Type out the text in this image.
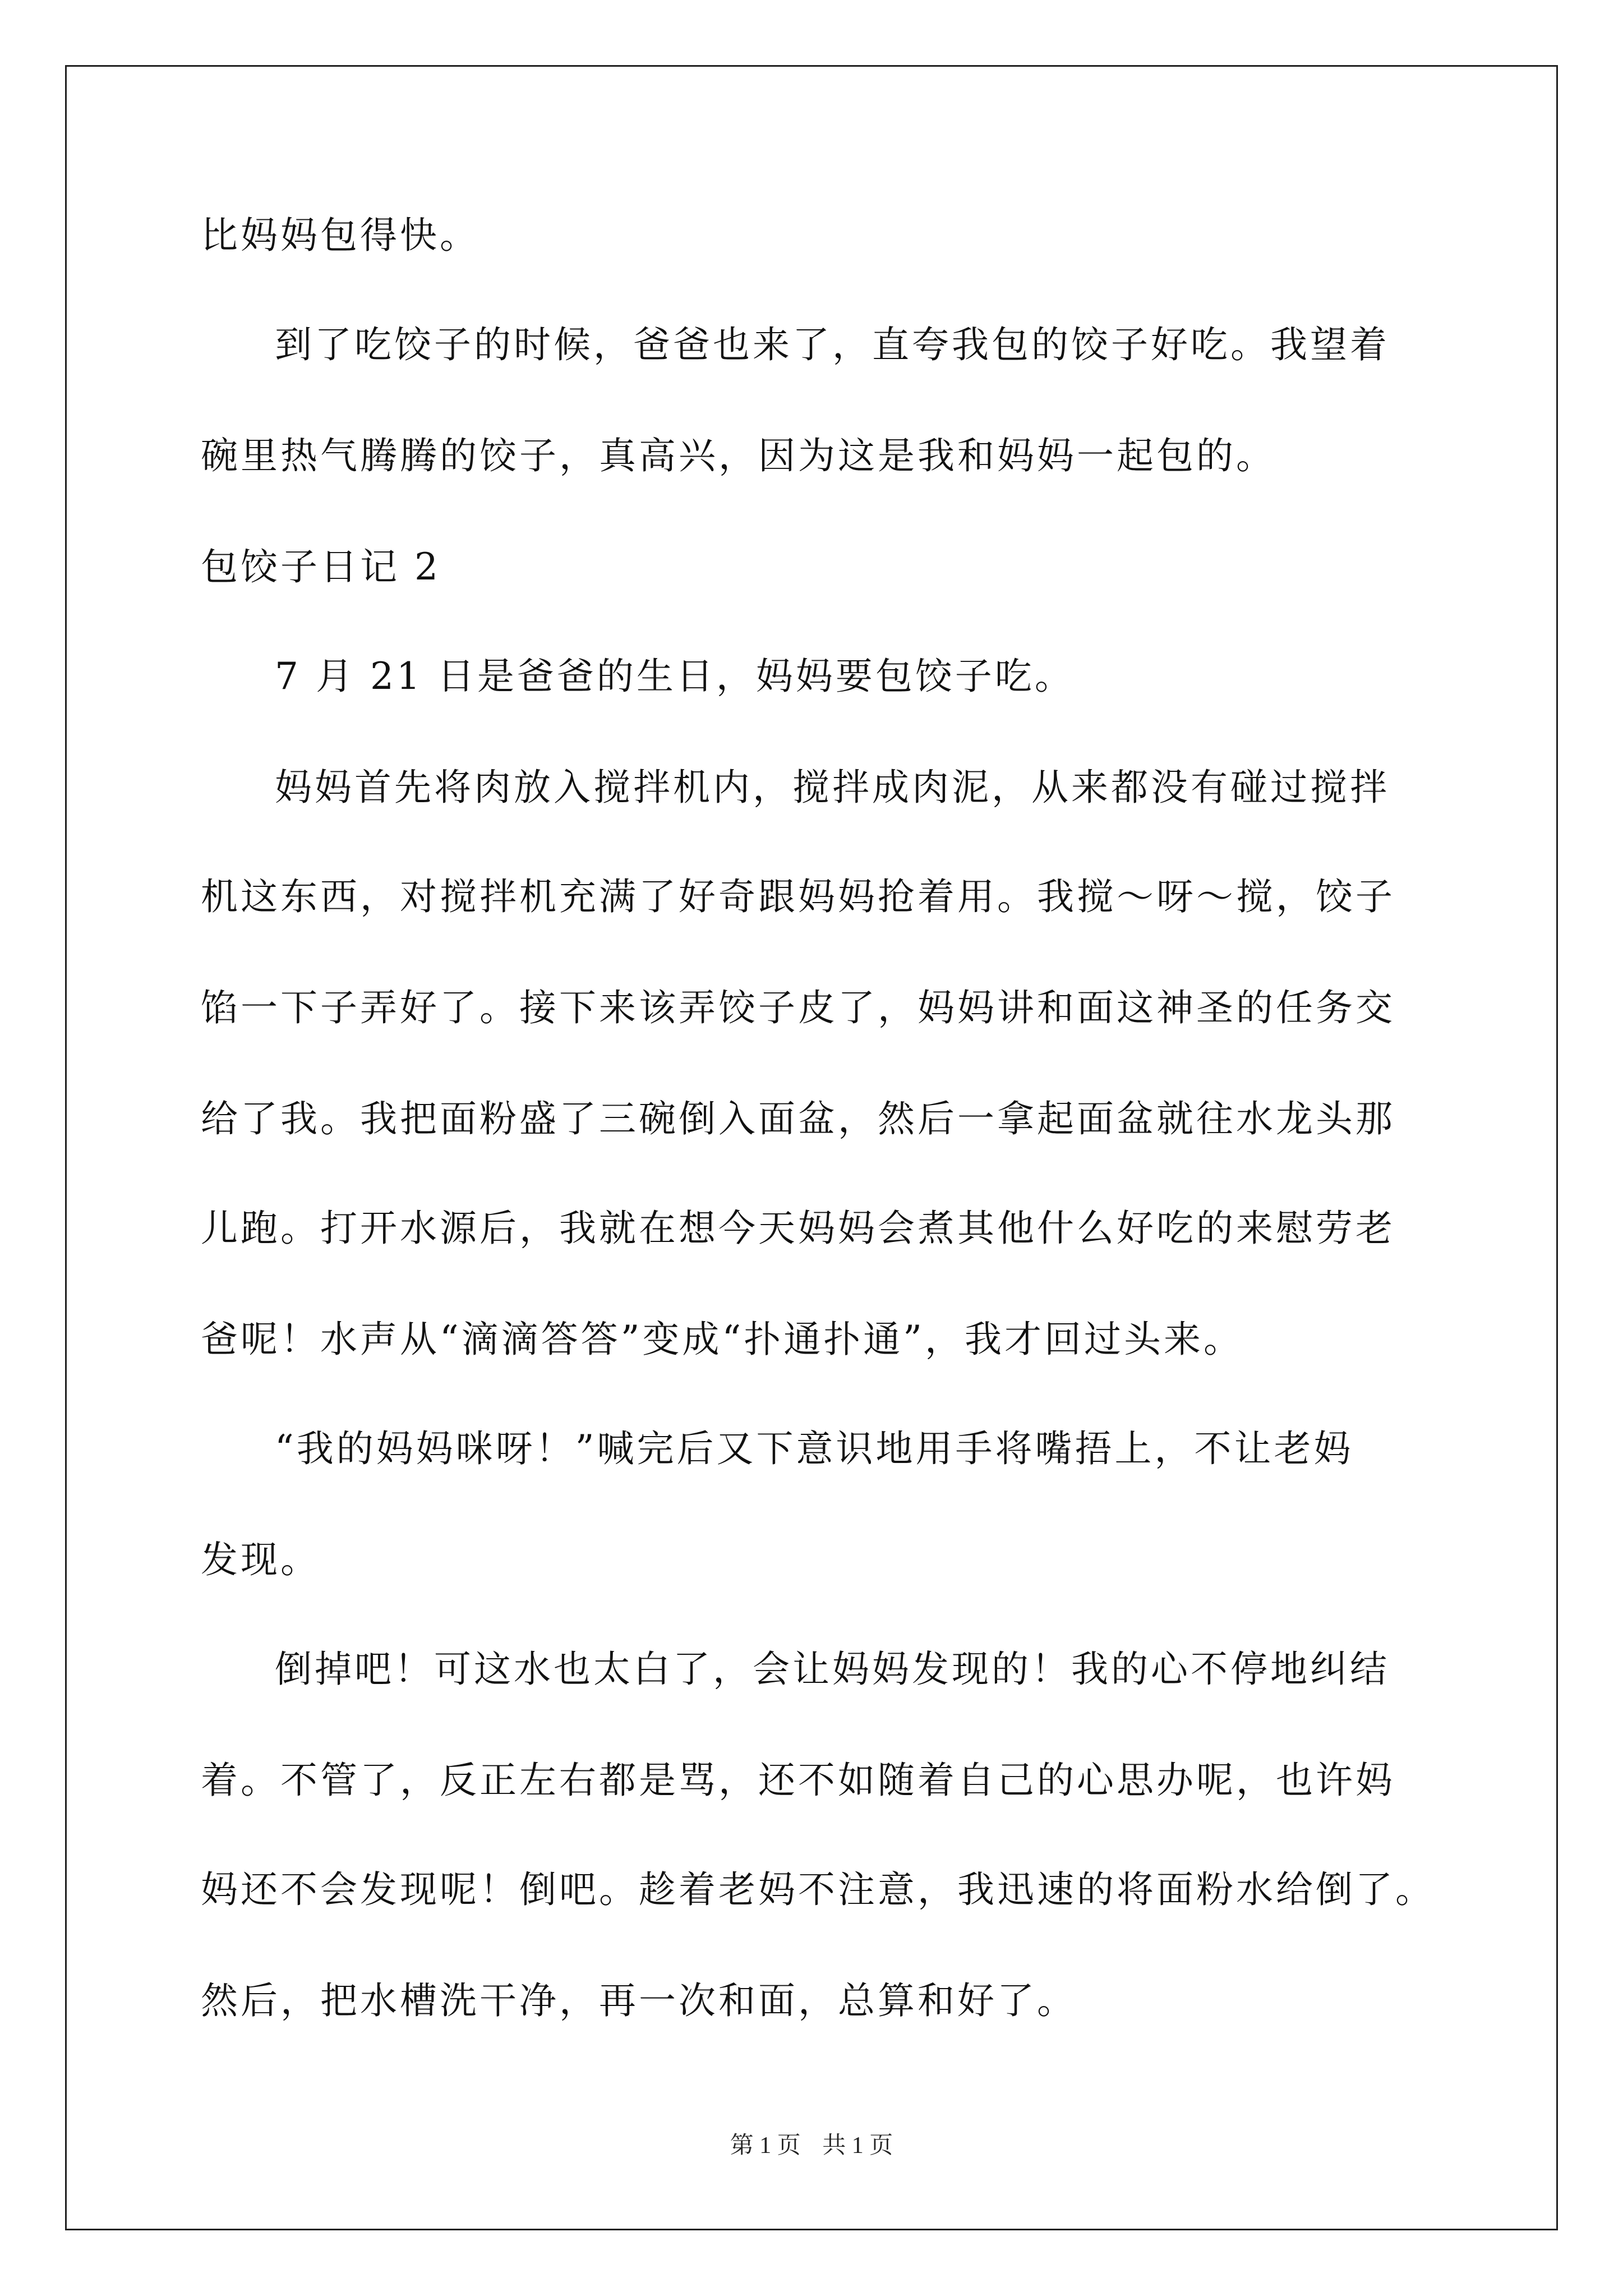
比妈妈包得快。
到了吃饺子的时候，爸爸也来了，直夸我包的饺子好吃。我望着
碗里热气腾腾的饺子，真高兴，因为这是我和妈妈一起包的。
包饺子日记 2
7 月 21 日是爸爸的生日，妈妈要包饺子吃。
妈妈首先将肉放入搅拌机内，搅拌成肉泥，从来都没有碰过搅拌
机这东西，对搅拌机充满了好奇跟妈妈抢着用。我搅～呀～搅，饺子
馅一下子弄好了。接下来该弄饺子皮了，妈妈讲和面这神圣的任务交
给了我。我把面粉盛了三碗倒入面盆，然后一拿起面盆就往水龙头那
儿跑。打开水源后，我就在想今天妈妈会煮其他什么好吃的来慰劳老
爸呢！水声从“滴滴答答”变成“扑通扑通”，我才回过头来。
“我的妈妈咪呀！”喊完后又下意识地用手将嘴捂上，不让老妈
发现。
倒掉吧！可这水也太白了，会让妈妈发现的！我的心不停地纠结
着。不管了，反正左右都是骂，还不如随着自己的心思办呢，也许妈
妈还不会发现呢！倒吧。趁着老妈不注意，我迅速的将面粉水给倒了。
然后，把水槽洗干净，再一次和面，总算和好了。
第 1 页 共 1 页
